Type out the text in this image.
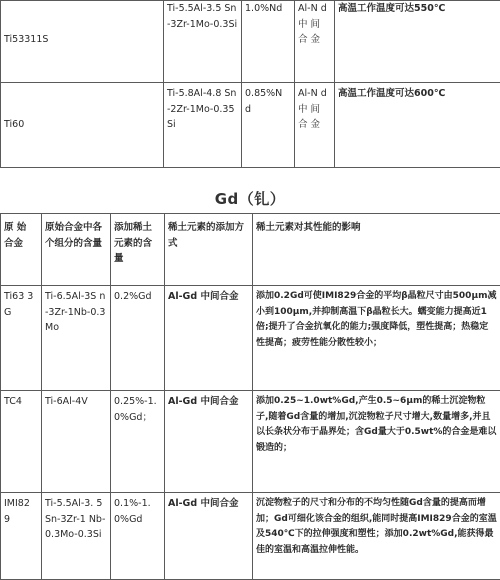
Ti53311S	Ti-5.5Al-3.5 Sn-3Zr-1Mo-0.3Si	1.0%Nd	Al-N d 中 间 合 金	高温工作温度可达550℃
Ti60	Ti-5.8Al-4.8 Sn-2Zr-1Mo-0.35Si	0.85%N d	Al-N d 中 间 合 金	高温工作温度可达600℃
Gd（钆）
原 始 合金	原始合金中各个组分的含量	添加稀土元素的含量	稀土元素的添加方式	稀土元素对其性能的影响
Ti63 3G	Ti-6.5Al-3S n-3Zr-1Nb-0.3Mo	0.2%Gd	Al-Gd 中间合金	添加0.2Gd可使IMI829合金的平均β晶粒尺寸由500μm减小到100μm,并抑制高温下β晶粒长大。蠕变能力提高近1倍;提升了合金抗氧化的能力;强度降低，塑性提高；热稳定性提高；疲劳性能分散性较小；
TC4	Ti-6Al-4V	0.25%-1.0%Gd；	Al-Gd 中间合金	添加0.25~1.0wt%Gd,产生0.5~6μm的稀土沉淀物粒子,随着Gd含量的增加,沉淀物粒子尺寸增大,数量增多,并且以长条状分布于晶界处；含Gd量大于0.5wt%的合金是难以锻造的；
IMI82 9	Ti-5.5Al-3. 5Sn-3Zr-1 Nb-0.3Mo-0.3Si	0.1%-1. 0%Gd	Al-Gd 中间合金	沉淀物粒子的尺寸和分布的不均匀性随Gd含量的提高而增加；Gd可细化该合金的组织,能同时提高IMI829合金的室温及540℃下的拉伸强度和塑性；添加0.2wt%Gd,能获得最佳的室温和高温拉伸性能。
